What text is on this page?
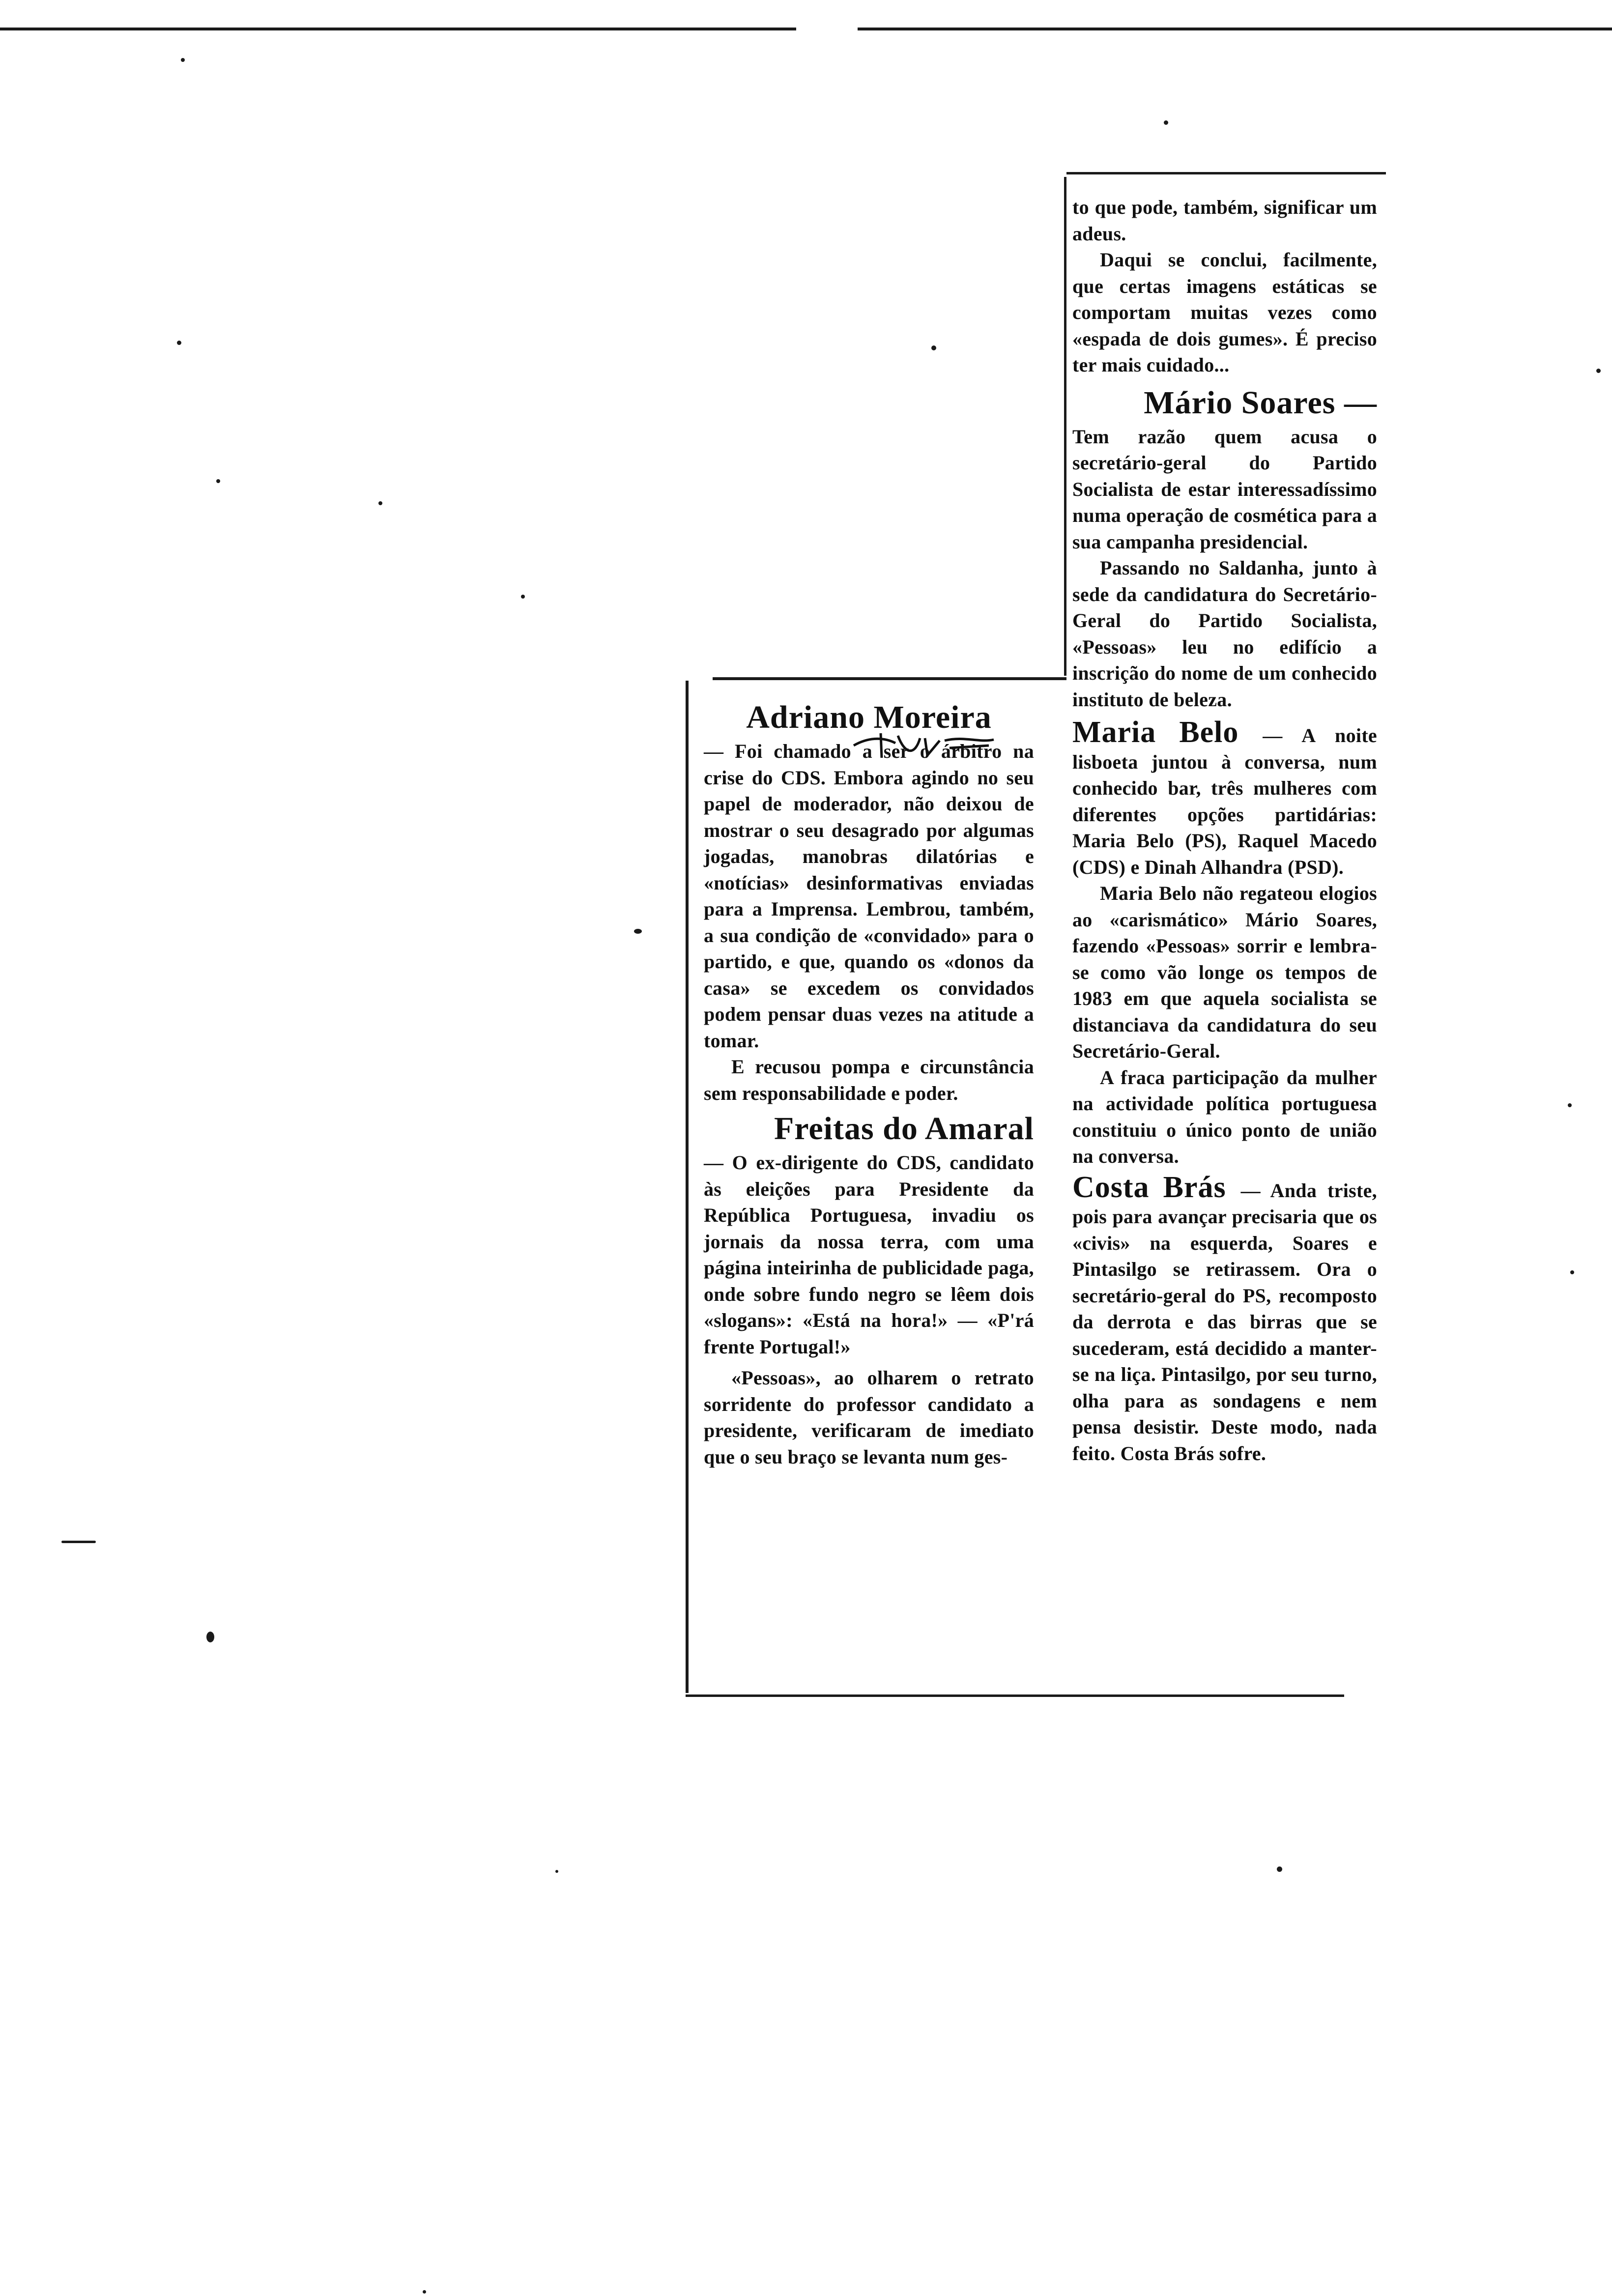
Adriano Moreira

— Foi chamado a ser o árbitro na crise do CDS. Embora agindo no seu papel de moderador, não deixou de mostrar o seu desagrado por algumas jogadas, manobras dilatórias e «notícias» desinformativas enviadas para a Imprensa. Lembrou, também, a sua condição de «convidado» para o partido, e que, quando os «donos da casa» se excedem os convidados podem pensar duas vezes na atitude a tomar.

E recusou pompa e circunstância sem responsabilidade e poder.

Freitas do Amaral

— O ex-dirigente do CDS, candidato às eleições para Presidente da República Portuguesa, invadiu os jornais da nossa terra, com uma página inteirinha de publicidade paga, onde sobre fundo negro se lêem dois «slogans»: «Está na hora!» — «P'rá frente Portugal!»

«Pessoas», ao olharem o retrato sorridente do professor candidato a presidente, verificaram de imediato que o seu braço se levanta num ges-

to que pode, também, significar um adeus.

Daqui se conclui, facilmente, que certas imagens estáticas se comportam muitas vezes como «espada de dois gumes». É preciso ter mais cuidado...

Mário Soares —

Tem razão quem acusa o secretário-geral do Partido Socialista de estar interessadíssimo numa operação de cosmética para a sua campanha presidencial.

Passando no Saldanha, junto à sede da candidatura do Secretário-Geral do Partido Socialista, «Pessoas» leu no edifício a inscrição do nome de um conhecido instituto de beleza.

Maria Belo — A noite lisboeta juntou à conversa, num conhecido bar, três mulheres com diferentes opções partidárias: Maria Belo (PS), Raquel Macedo (CDS) e Dinah Alhandra (PSD).

Maria Belo não regateou elogios ao «carismático» Mário Soares, fazendo «Pessoas» sorrir e lembra-se como vão longe os tempos de 1983 em que aquela socialista se distanciava da candidatura do seu Secretário-Geral.

A fraca participação da mulher na actividade política portuguesa constituiu o único ponto de união na conversa.

Costa Brás — Anda triste, pois para avançar precisaria que os «civis» na esquerda, Soares e Pintasilgo se retirassem. Ora o secretário-geral do PS, recomposto da derrota e das birras que se sucederam, está decidido a manter-se na liça. Pintasilgo, por seu turno, olha para as sondagens e nem pensa desistir. Deste modo, nada feito. Costa Brás sofre.
